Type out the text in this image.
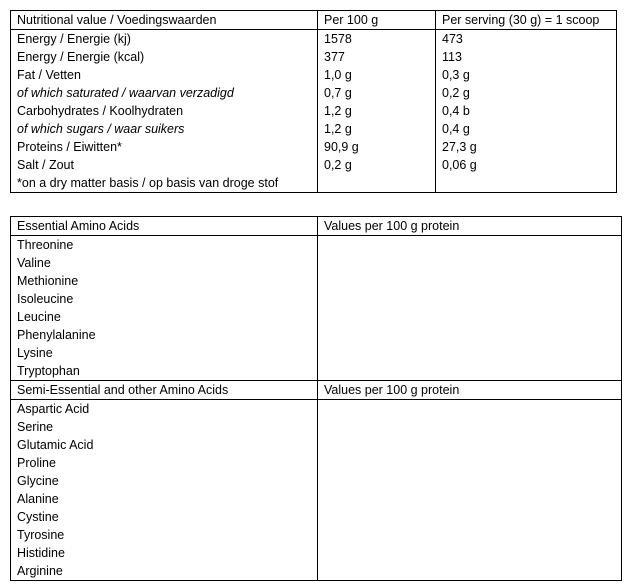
Nutritional value / Voedingswaarden	Per 100 g	Per serving (30 g) = 1 scoop
Energy / Energie (kj)	1578	473
Energy / Energie (kcal)	377	113
Fat / Vetten	1,0 g	0,3 g
of which saturated / waarvan verzadigd	0,7 g	0,2 g
Carbohydrates / Koolhydraten	1,2 g	0,4 b
of which sugars / waar suikers	1,2 g	0,4 g
Proteins / Eiwitten*	90,9 g	27,3 g
Salt / Zout	0,2 g	0,06 g
*on a dry matter basis / op basis van droge stof		
Essential Amino Acids	Values per 100 g protein
Threonine	
Valine	
Methionine	
Isoleucine	
Leucine	
Phenylalanine	
Lysine	
Tryptophan	
Semi-Essential and other Amino Acids	Values per 100 g protein
Aspartic Acid	
Serine	
Glutamic Acid	
Proline	
Glycine	
Alanine	
Cystine	
Tyrosine	
Histidine	
Arginine	
